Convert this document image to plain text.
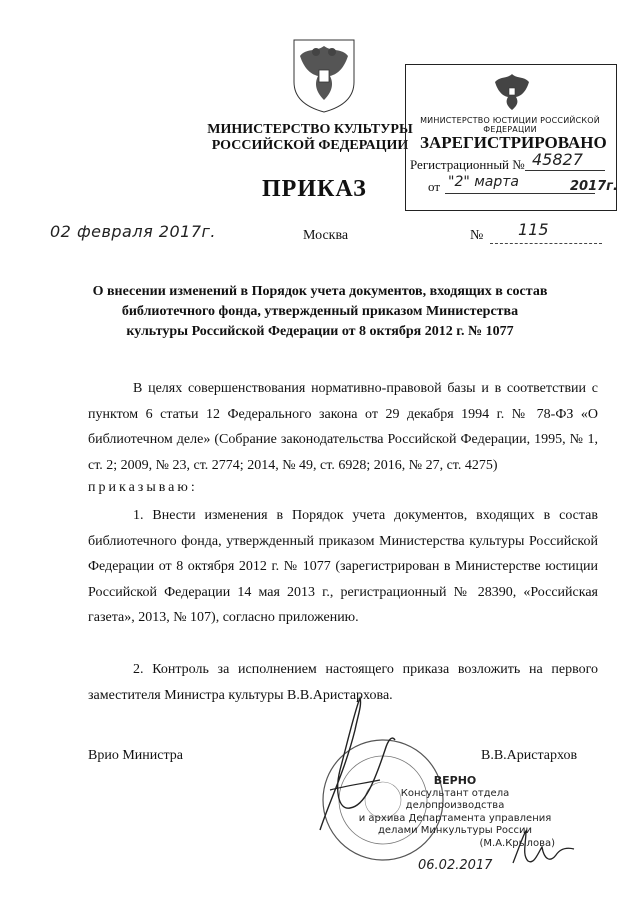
МИНИСТЕРСТВО КУЛЬТУРЫ РОССИЙСКОЙ ФЕДЕРАЦИИ
ПРИКАЗ
02 февраля 2017г.	Москва	№ 115
МИНИСТЕРСТВО ЮСТИЦИИ РОССИЙСКОЙ ФЕДЕРАЦИИ
ЗАРЕГИСТРИРОВАНО
Регистрационный № 45827
от "2" марта	2017г.
О внесении изменений в Порядок учета документов, входящих в состав библиотечного фонда, утвержденный приказом Министерства культуры Российской Федерации от 8 октября 2012 г. № 1077
В целях совершенствования нормативно-правовой базы и в соответствии с пунктом 6 статьи 12 Федерального закона от 29 декабря 1994 г. № 78-ФЗ «О библиотечном деле» (Собрание законодательства Российской Федерации, 1995, № 1, ст. 2; 2009, № 23, ст. 2774; 2014, № 49, ст. 6928; 2016, № 27, ст. 4275)
приказываю:
1. Внести изменения в Порядок учета документов, входящих в состав библиотечного фонда, утвержденный приказом Министерства культуры Российской Федерации от 8 октября 2012 г. № 1077 (зарегистрирован в Министерстве юстиции Российской Федерации 14 мая 2013 г., регистрационный № 28390, «Российская газета», 2013, № 107), согласно приложению.
2. Контроль за исполнением настоящего приказа возложить на первого заместителя Министра культуры В.В.Аристархова.
Врио Министра	В.В.Аристархов
ВЕРНО
Консультант отдела делопроизводства
и архива Департамента управления
делами Минкультуры России
(М.А.Крылова)
06.02.2017
